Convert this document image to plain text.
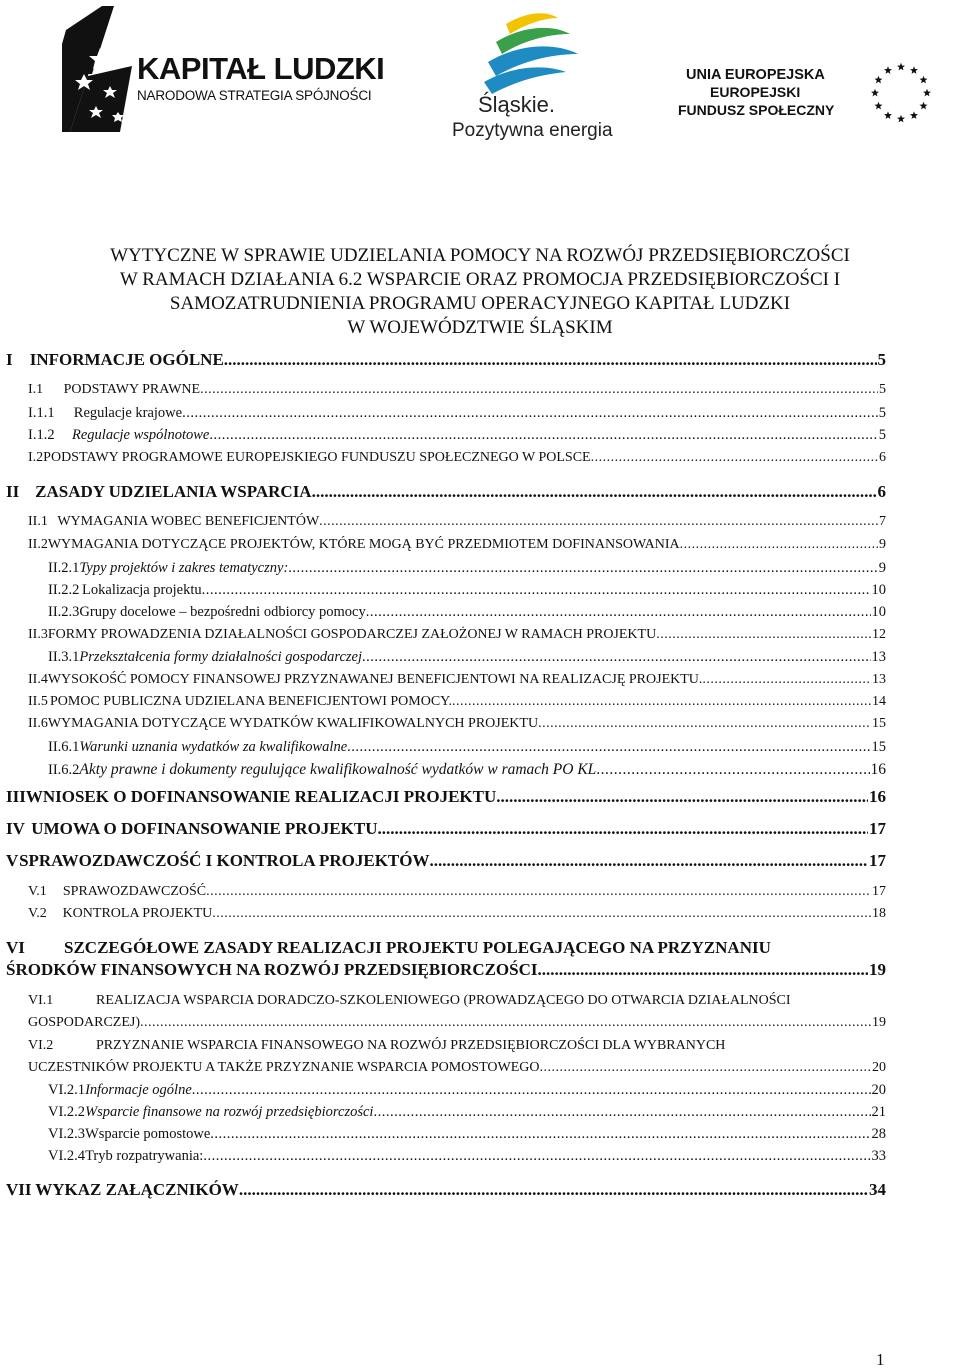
KAPITAŁ LUDZKI
NARODOWA STRATEGIA SPÓJNOŚCI	Śląskie.
Pozytywna energia
UNIA EUROPEJSKA
EUROPEJSKI
FUNDUSZ SPOŁECZNY
WYTYCZNE W SPRAWIE UDZIELANIA POMOCY NA ROZWÓJ PRZEDSIĘBIORCZOŚCI
W RAMACH DZIAŁANIA 6.2 WSPARCIE ORAZ PROMOCJA PRZEDSIĘBIORCZOŚCI I
SAMOZATRUDNIENIA PROGRAMU OPERACYJNEGO KAPITAŁ LUDZKI
W WOJEWÓDZTWIE ŚLĄSKIM
I	INFORMACJE OGÓLNE .....	5
I.1	PODSTAWY PRAWNE .....	5
I.1.1	Regulacje krajowe .....	5
I.1.2	Regulacje wspólnotowe .....	5
I.2 PODSTAWY PROGRAMOWE EUROPEJSKIEGO FUNDUSZU SPOŁECZNEGO W POLSCE .....	6
II ZASADY UDZIELANIA WSPARCIA .....	6
II.1 WYMAGANIA WOBEC BENEFICJENTÓW .....	7
II.2 WYMAGANIA DOTYCZĄCE PROJEKTÓW, KTÓRE MOGĄ BYĆ PRZEDMIOTEM DOFINANSOWANIA .....	9
II.2.1 Typy projektów i zakres tematyczny: .....	9
II.2.2 Lokalizacja projektu .....	10
II.2.3 Grupy docelowe – bezpośredni odbiorcy pomocy .....	10
II.3 FORMY PROWADZENIA DZIAŁALNOŚCI GOSPODARCZEJ ZAŁOŻONEJ W RAMACH PROJEKTU .....	12
II.3.1 Przekształcenia formy działalności gospodarczej .....	13
II.4 WYSOKOŚĆ POMOCY FINANSOWEJ PRZYZNAWANEJ BENEFICJENTOWI NA REALIZACJĘ PROJEKTU. .....	13
II.5 POMOC PUBLICZNA UDZIELANA BENEFICJENTOWI POMOCY. .....	14
II.6 WYMAGANIA DOTYCZĄCE WYDATKÓW KWALIFIKOWALNYCH PROJEKTU .....	15
II.6.1 Warunki uznania wydatków za kwalifikowalne .....	15
II.6.2 Akty prawne i dokumenty regulujące kwalifikowalność wydatków w ramach PO KL .....	16
III WNIOSEK O DOFINANSOWANIE REALIZACJI PROJEKTU .....	16
IV UMOWA O DOFINANSOWANIE PROJEKTU .....	17
V SPRAWOZDAWCZOŚĆ I KONTROLA PROJEKTÓW .....	17
V.1	SPRAWOZDAWCZOŚĆ .....	17
V.2	KONTROLA PROJEKTU .....	18
VI	SZCZEGÓŁOWE ZASADY REALIZACJI PROJEKTU POLEGAJĄCEGO NA PRZYZNANIU
ŚRODKÓW FINANSOWYCH NA ROZWÓJ PRZEDSIĘBIORCZOŚCI .....	19
VI.1	REALIZACJA WSPARCIA DORADCZO-SZKOLENIOWEGO (PROWADZĄCEGO DO OTWARCIA DZIAŁALNOŚCI
GOSPODARCZEJ) .....	19
VI.2	PRZYZNANIE WSPARCIA FINANSOWEGO NA ROZWÓJ PRZEDSIĘBIORCZOŚCI DLA WYBRANYCH
UCZESTNIKÓW PROJEKTU A TAKŻE PRZYZNANIE WSPARCIA POMOSTOWEGO .....	20
VI.2.1 Informacje ogólne .....	20
VI.2.2 Wsparcie finansowe na rozwój przedsiębiorczości .....	21
VI.2.3 Wsparcie pomostowe .....	28
VI.2.4 Tryb rozpatrywania: .....	33
VII WYKAZ ZAŁĄCZNIKÓW .....	34
1
